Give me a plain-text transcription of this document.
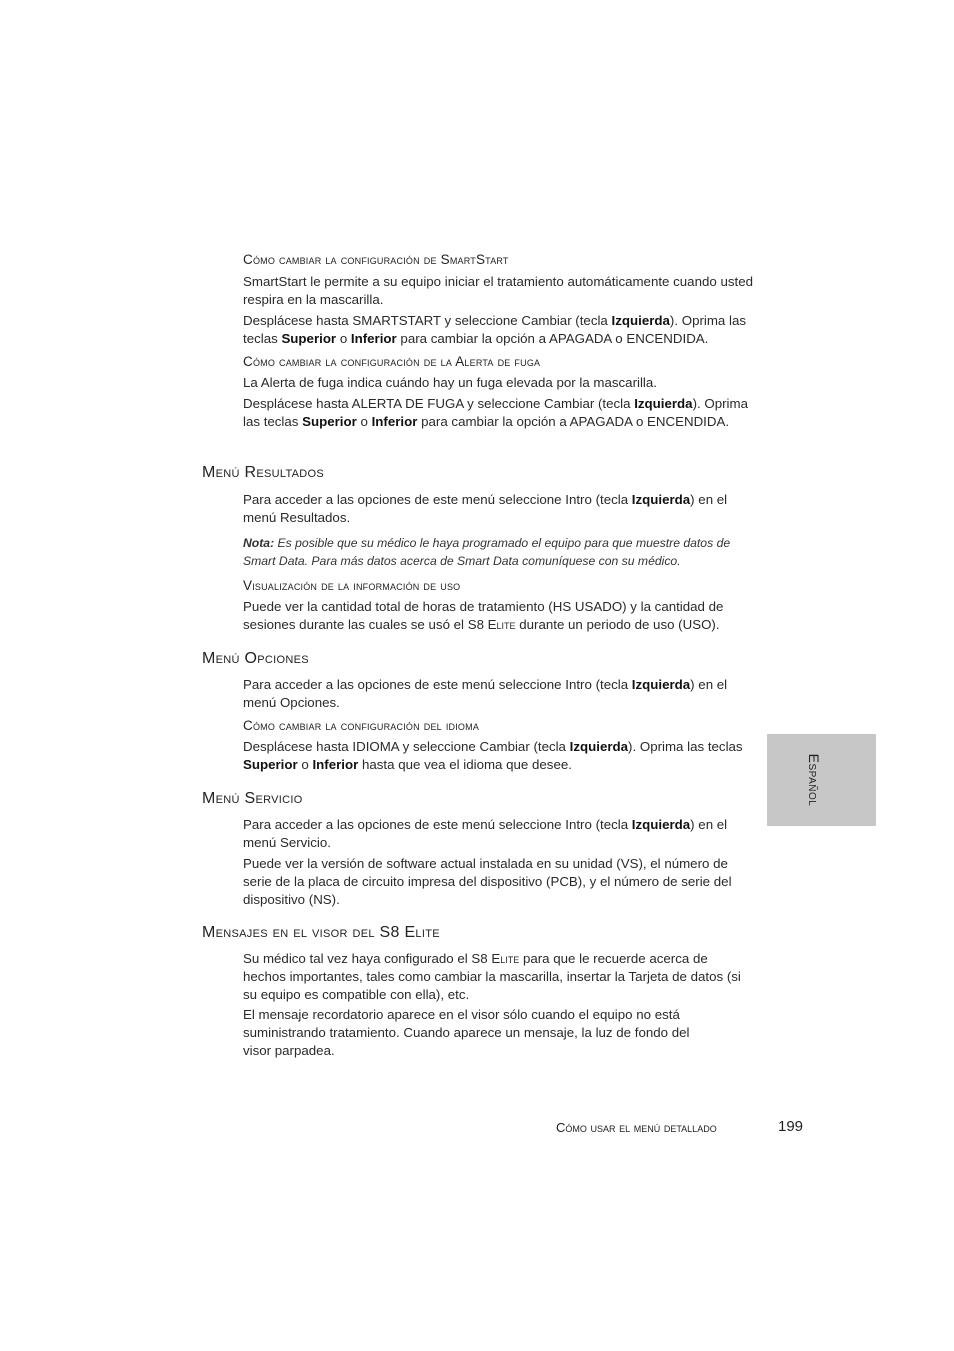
Cómo cambiar la configuración de SmartStart
SmartStart le permite a su equipo iniciar el tratamiento automáticamente cuando usted respira en la mascarilla.
Desplácese hasta SMARTSTART y seleccione Cambiar (tecla Izquierda). Oprima las teclas Superior o Inferior para cambiar la opción a APAGADA o ENCENDIDA.
Cómo cambiar la configuración de la Alerta de fuga
La Alerta de fuga indica cuándo hay un fuga elevada por la mascarilla.
Desplácese hasta ALERTA DE FUGA y seleccione Cambiar (tecla Izquierda). Oprima las teclas Superior o Inferior para cambiar la opción a APAGADA o ENCENDIDA.
Menú Resultados
Para acceder a las opciones de este menú seleccione Intro (tecla Izquierda) en el menú Resultados.
Nota: Es posible que su médico le haya programado el equipo para que muestre datos de Smart Data. Para más datos acerca de Smart Data comuníquese con su médico.
Visualización de la información de uso
Puede ver la cantidad total de horas de tratamiento (HS USADO) y la cantidad de sesiones durante las cuales se usó el S8 Elite durante un periodo de uso (USO).
Menú Opciones
Para acceder a las opciones de este menú seleccione Intro (tecla Izquierda) en el menú Opciones.
Cómo cambiar la configuración del idioma
Desplácese hasta IDIOMA y seleccione Cambiar (tecla Izquierda). Oprima las teclas Superior o Inferior hasta que vea el idioma que desee.
Menú Servicio
Para acceder a las opciones de este menú seleccione Intro (tecla Izquierda) en el menú Servicio.
Puede ver la versión de software actual instalada en su unidad (VS), el número de serie de la placa de circuito impresa del dispositivo (PCB), y el número de serie del dispositivo (NS).
Mensajes en el visor del S8 Elite
Su médico tal vez haya configurado el S8 Elite para que le recuerde acerca de hechos importantes, tales como cambiar la mascarilla, insertar la Tarjeta de datos (si su equipo es compatible con ella), etc.
El mensaje recordatorio aparece en el visor sólo cuando el equipo no está suministrando tratamiento. Cuando aparece un mensaje, la luz de fondo del visor parpadea.
Español
Cómo usar el menú detallado	199
